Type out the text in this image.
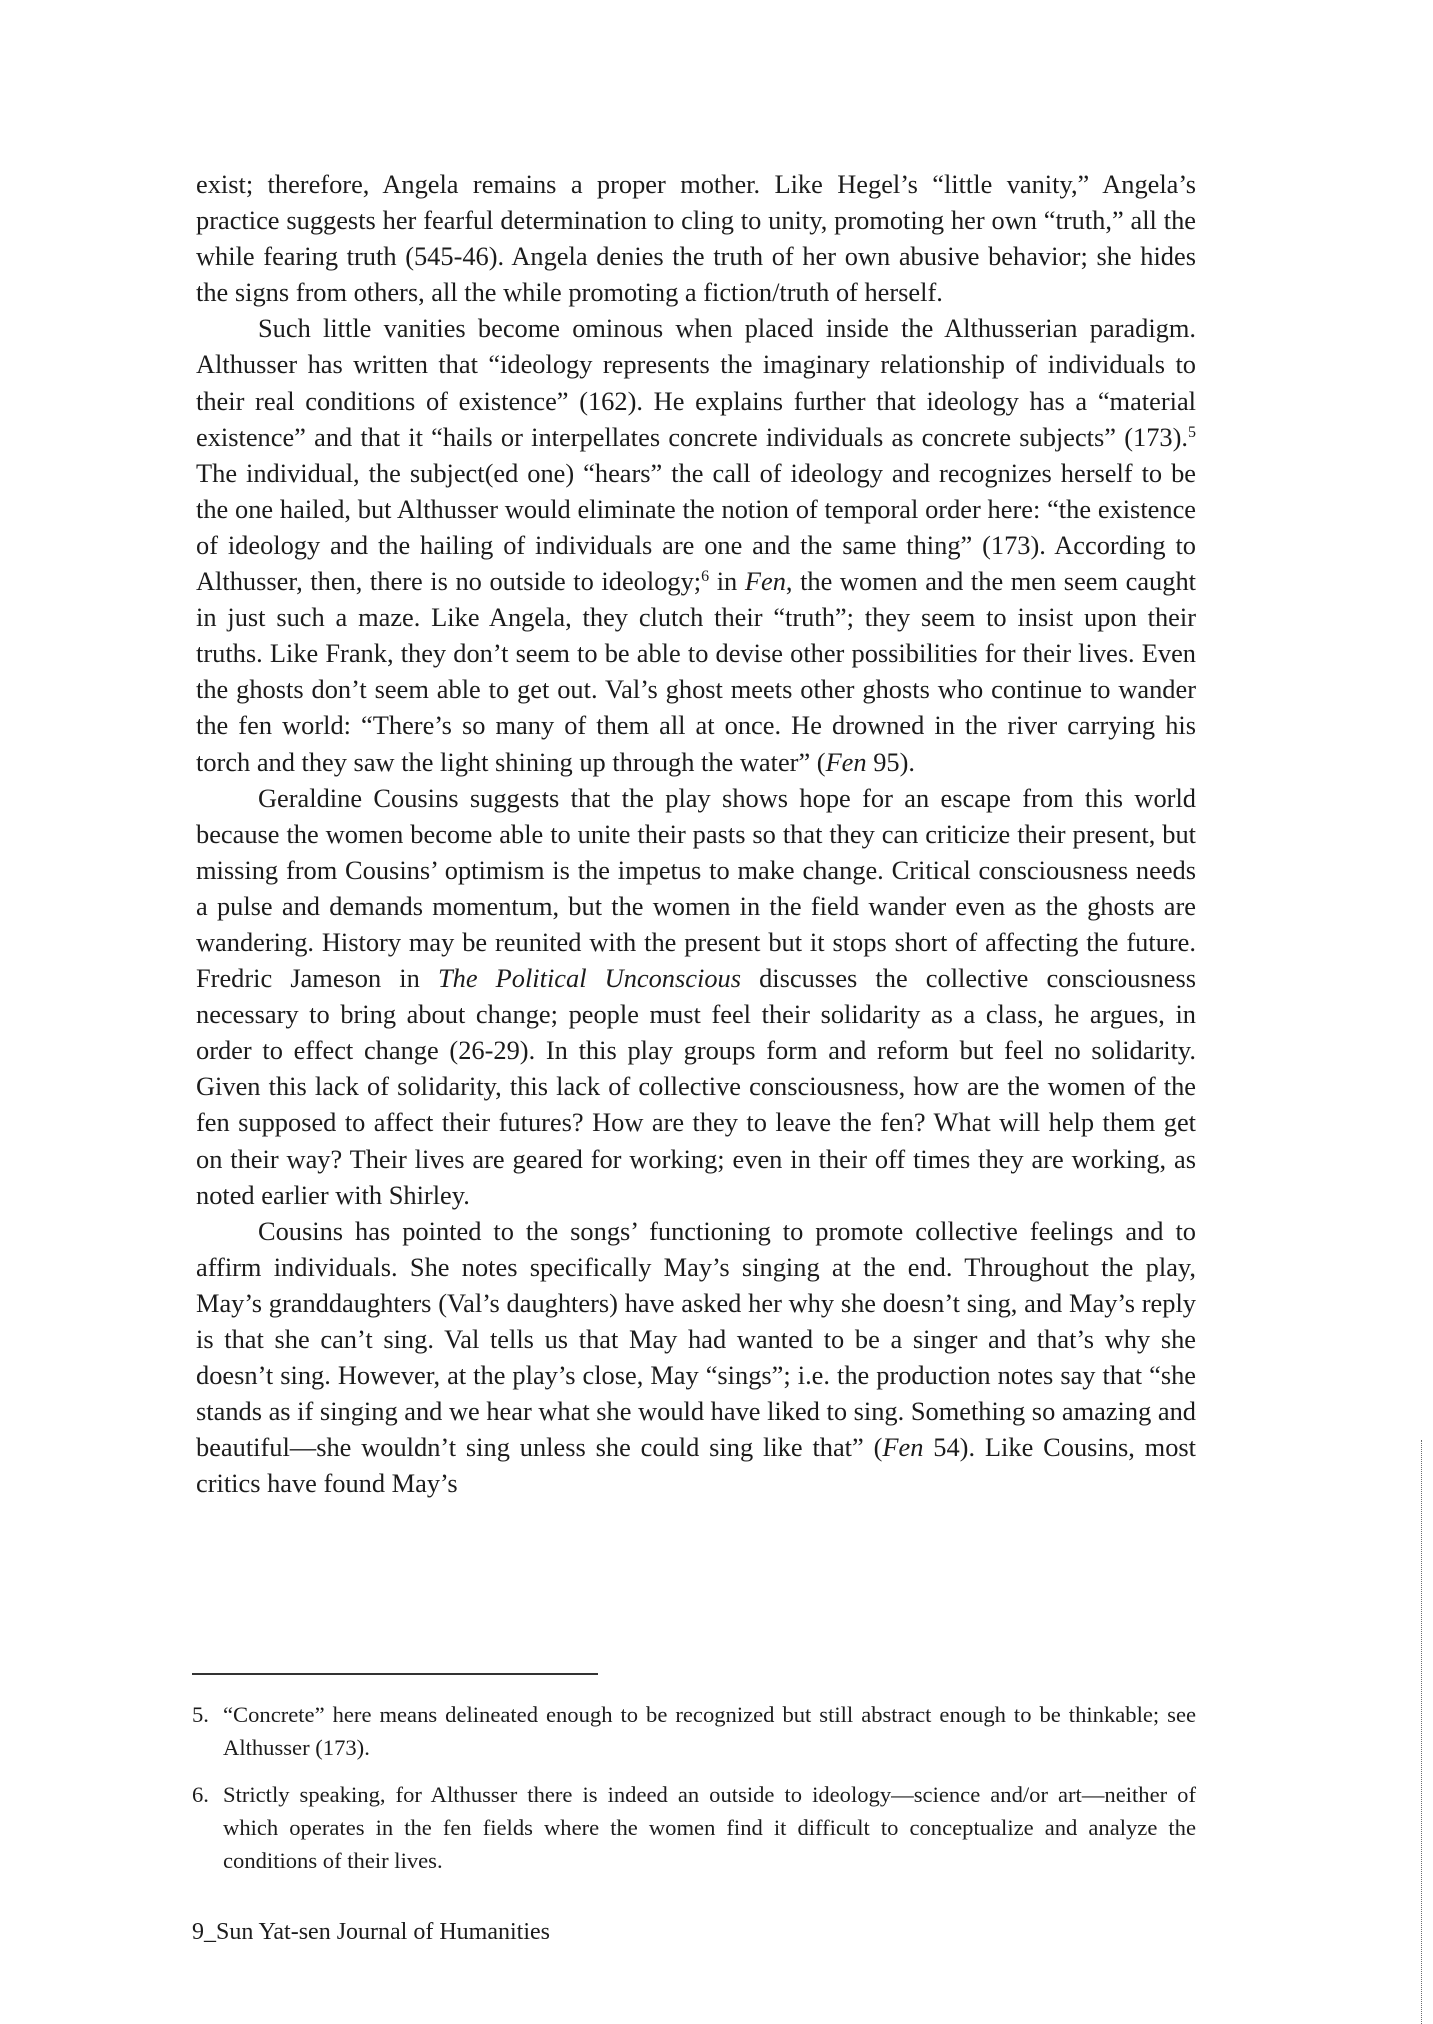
exist; therefore, Angela remains a proper mother. Like Hegel’s “little vanity,” Angela’s practice suggests her fearful determination to cling to unity, promoting her own “truth,” all the while fearing truth (545-46). Angela denies the truth of her own abusive behavior; she hides the signs from others, all the while promoting a fiction/truth of herself.

Such little vanities become ominous when placed inside the Althusserian paradigm. Althusser has written that “ideology represents the imaginary relationship of individuals to their real conditions of existence” (162). He explains further that ideology has a “material existence” and that it “hails or interpellates concrete individuals as concrete subjects” (173).$^5$ The individual, the subject(ed one) “hears” the call of ideology and recognizes herself to be the one hailed, but Althusser would eliminate the notion of temporal order here: “the existence of ideology and the hailing of individuals are one and the same thing” (173). According to Althusser, then, there is no outside to ideology;$^6$ in Fen, the women and the men seem caught in just such a maze. Like Angela, they clutch their “truth”; they seem to insist upon their truths. Like Frank, they don’t seem to be able to devise other possibilities for their lives. Even the ghosts don’t seem able to get out. Val’s ghost meets other ghosts who continue to wander the fen world: “There’s so many of them all at once. He drowned in the river carrying his torch and they saw the light shining up through the water” (Fen 95).

Geraldine Cousins suggests that the play shows hope for an escape from this world because the women become able to unite their pasts so that they can criticize their present, but missing from Cousins’ optimism is the impetus to make change. Critical consciousness needs a pulse and demands momentum, but the women in the field wander even as the ghosts are wandering. History may be reunited with the present but it stops short of affecting the future. Fredric Jameson in The Political Unconscious discusses the collective consciousness necessary to bring about change; people must feel their solidarity as a class, he argues, in order to effect change (26-29). In this play groups form and reform but feel no solidarity. Given this lack of solidarity, this lack of collective consciousness, how are the women of the fen supposed to affect their futures? How are they to leave the fen? What will help them get on their way? Their lives are geared for working; even in their off times they are working, as noted earlier with Shirley.

Cousins has pointed to the songs’ functioning to promote collective feelings and to affirm individuals. She notes specifically May’s singing at the end. Throughout the play, May’s granddaughters (Val’s daughters) have asked her why she doesn’t sing, and May’s reply is that she can’t sing. Val tells us that May had wanted to be a singer and that’s why she doesn’t sing. However, at the play’s close, May “sings”; i.e. the production notes say that “she stands as if singing and we hear what she would have liked to sing. Something so amazing and beautiful—she wouldn’t sing unless she could sing like that” (Fen 54). Like Cousins, most critics have found May’s

5. “Concrete” here means delineated enough to be recognized but still abstract enough to be thinkable; see Althusser (173).
6. Strictly speaking, for Althusser there is indeed an outside to ideology—science and/or art—neither of which operates in the fen fields where the women find it difficult to conceptualize and analyze the conditions of their lives.
9_Sun Yat-sen Journal of Humanities
